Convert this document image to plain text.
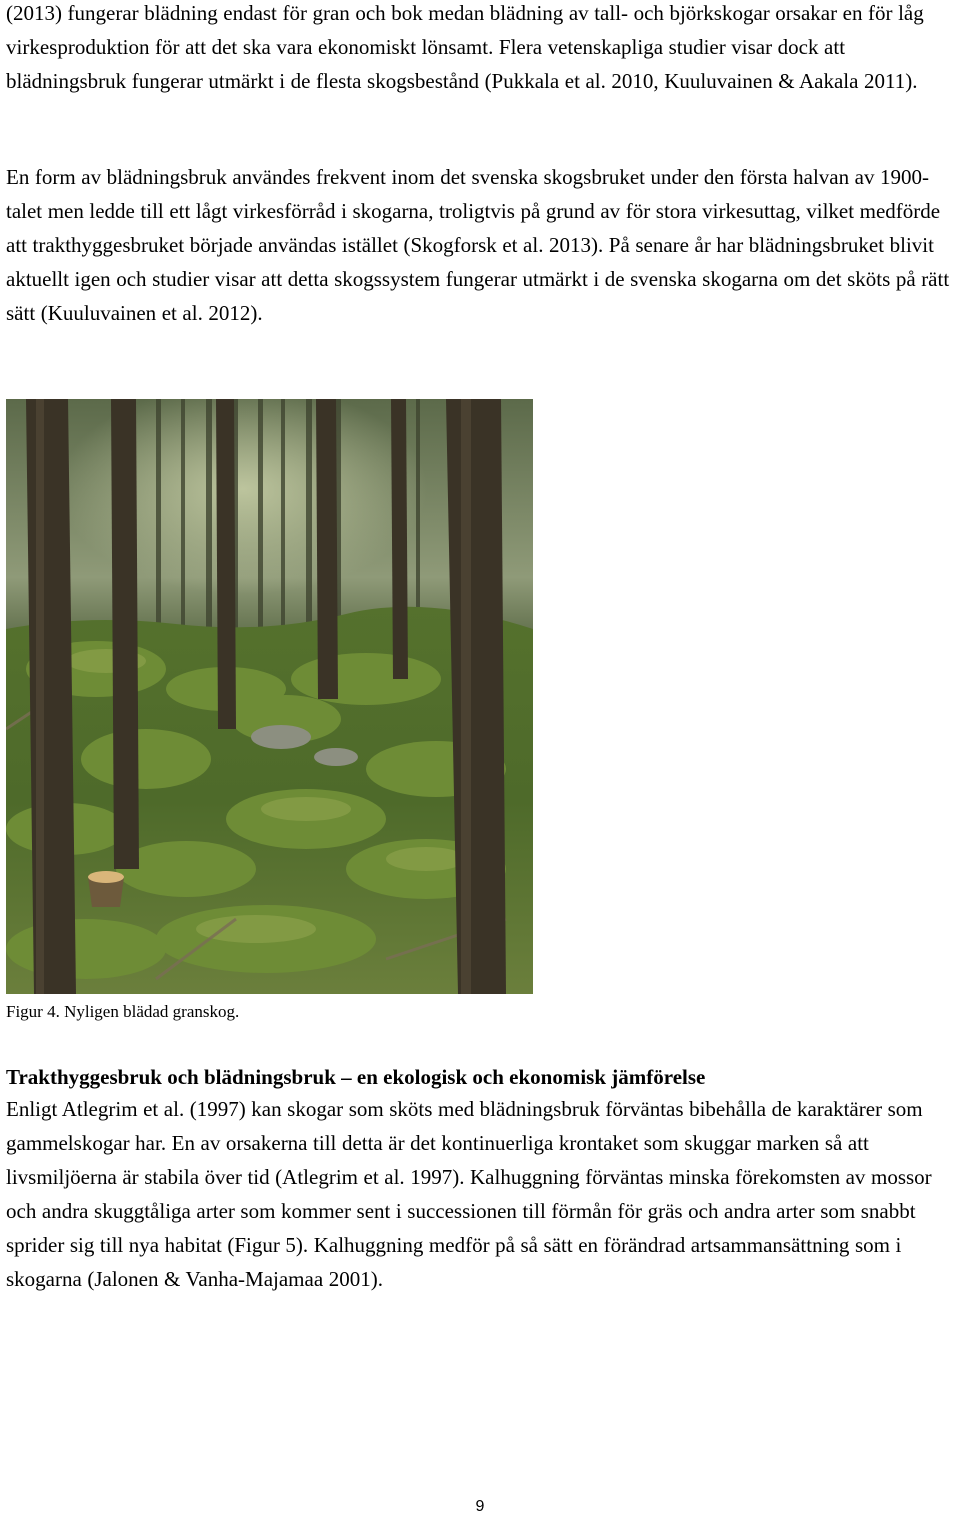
(2013) fungerar blädning endast för gran och bok medan blädning av tall- och björkskogar orsakar en för låg virkesproduktion för att det ska vara ekonomiskt lönsamt. Flera vetenskapliga studier visar dock att blädningsbruk fungerar utmärkt i de flesta skogsbestånd (Pukkala et al. 2010, Kuuluvainen & Aakala 2011).

En form av blädningsbruk användes frekvent inom det svenska skogsbruket under den första halvan av 1900-talet men ledde till ett lågt virkesförråd i skogarna, troligtvis på grund av för stora virkesuttag, vilket medförde att trakthyggesbruket började användas istället (Skogforsk et al. 2013). På senare år har blädningsbruket blivit aktuellt igen och studier visar att detta skogssystem fungerar utmärkt i de svenska skogarna om det sköts på rätt sätt (Kuuluvainen et al. 2012).

Figur 4. Nyligen blädad granskog.

Trakthyggesbruk och blädningsbruk – en ekologisk och ekonomisk jämförelse

Enligt Atlegrim et al. (1997) kan skogar som sköts med blädningsbruk förväntas bibehålla de karaktärer som gammelskogar har. En av orsakerna till detta är det kontinuerliga krontaket som skuggar marken så att livsmiljöerna är stabila över tid (Atlegrim et al. 1997). Kalhuggning förväntas minska förekomsten av mossor och andra skuggtåliga arter som kommer sent i successionen till förmån för gräs och andra arter som snabbt sprider sig till nya habitat (Figur 5). Kalhuggning medför på så sätt en förändrad artsammansättning som i skogarna (Jalonen & Vanha-Majamaa 2001).

9
